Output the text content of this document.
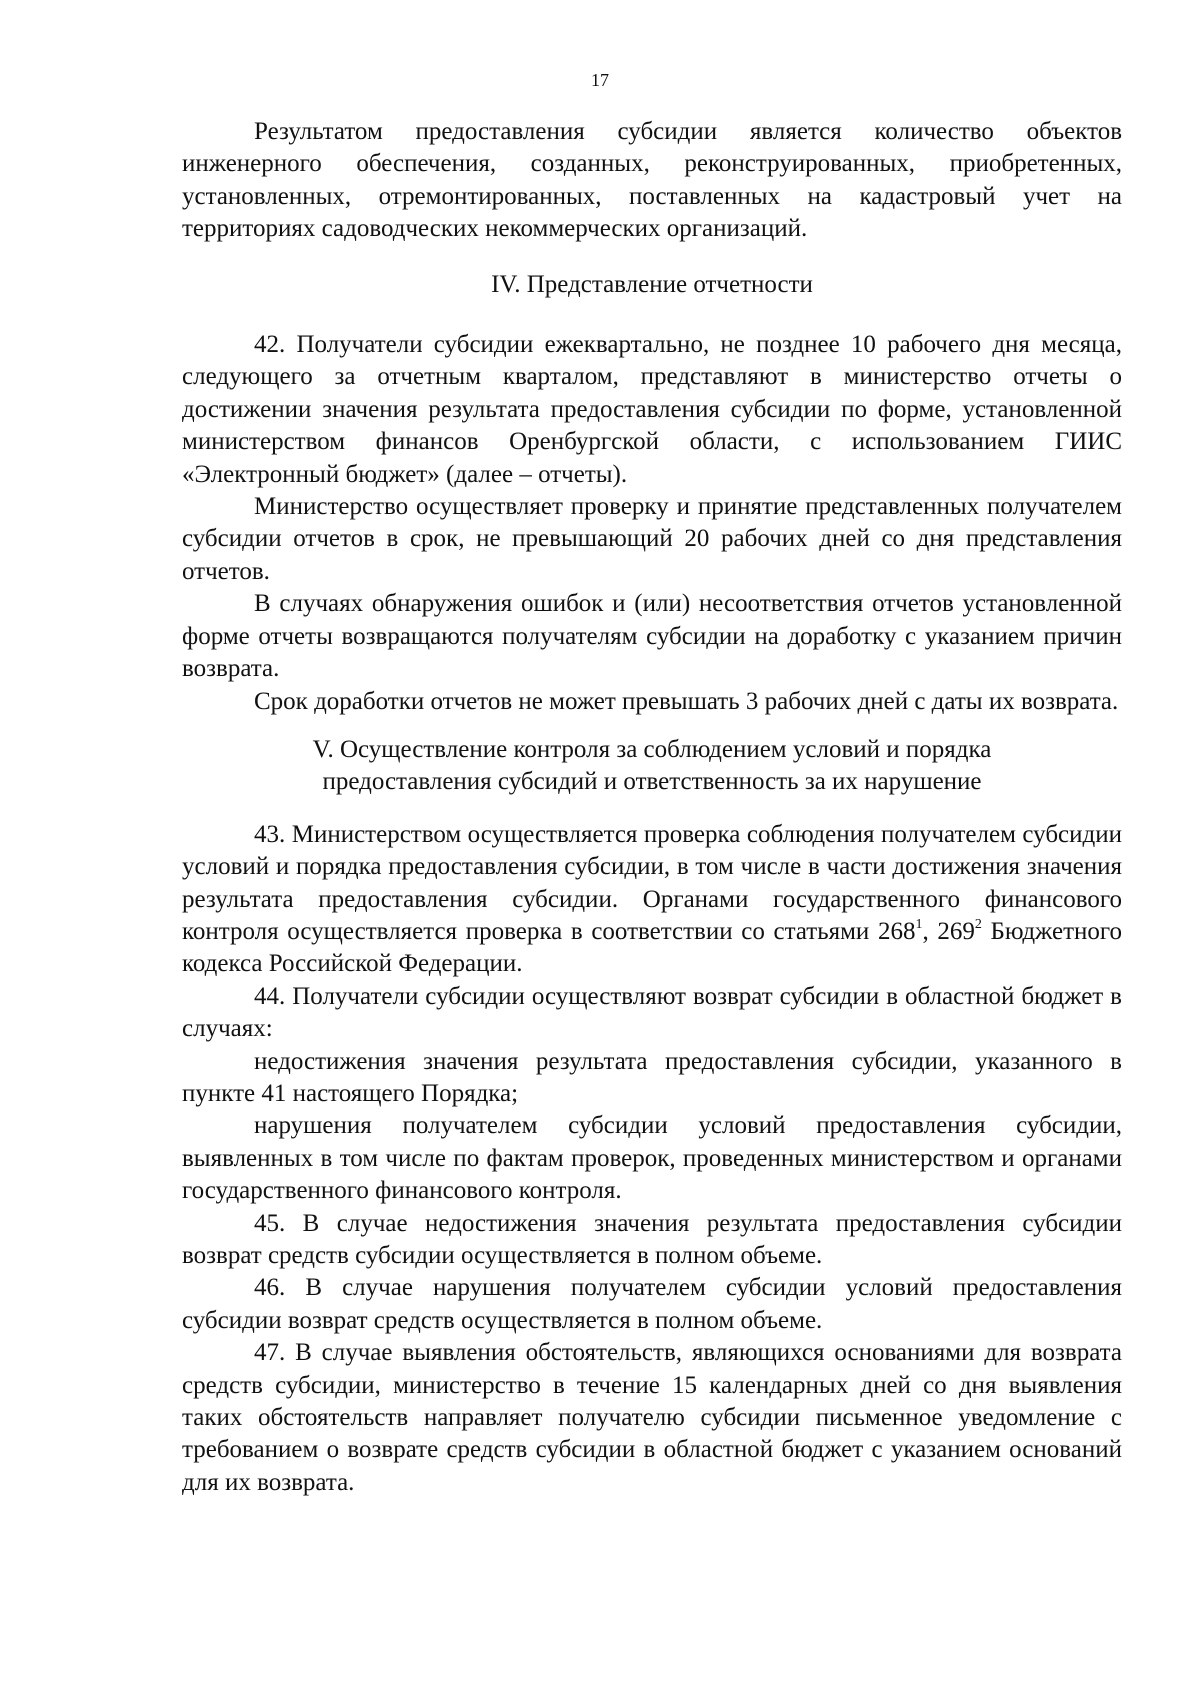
17

Результатом предоставления субсидии является количество объектов инженерного обеспечения, созданных, реконструированных, приобретенных, установленных, отремонтированных, поставленных на кадастровый учет на территориях садоводческих некоммерческих организаций.

IV. Представление отчетности

42. Получатели субсидии ежеквартально, не позднее 10 рабочего дня месяца, следующего за отчетным кварталом, представляют в министерство отчеты о достижении значения результата предоставления субсидии по форме, установленной министерством финансов Оренбургской области, с использованием ГИИС «Электронный бюджет» (далее – отчеты).

Министерство осуществляет проверку и принятие представленных получателем субсидии отчетов в срок, не превышающий 20 рабочих дней со дня представления отчетов.

В случаях обнаружения ошибок и (или) несоответствия отчетов установленной форме отчеты возвращаются получателям субсидии на доработку с указанием причин возврата.

Срок доработки отчетов не может превышать 3 рабочих дней с даты их возврата.

V. Осуществление контроля за соблюдением условий и порядка
предоставления субсидий и ответственность за их нарушение

43. Министерством осуществляется проверка соблюдения получателем субсидии условий и порядка предоставления субсидии, в том числе в части достижения значения результата предоставления субсидии. Органами государственного финансового контроля осуществляется проверка в соответствии со статьями $268^1$, $269^2$ Бюджетного кодекса Российской Федерации.

44. Получатели субсидии осуществляют возврат субсидии в областной бюджет в случаях:

недостижения значения результата предоставления субсидии, указанного в пункте 41 настоящего Порядка;

нарушения получателем субсидии условий предоставления субсидии, выявленных в том числе по фактам проверок, проведенных министерством и органами государственного финансового контроля.

45. В случае недостижения значения результата предоставления субсидии возврат средств субсидии осуществляется в полном объеме.

46. В случае нарушения получателем субсидии условий предоставления субсидии возврат средств осуществляется в полном объеме.

47. В случае выявления обстоятельств, являющихся основаниями для возврата средств субсидии, министерство в течение 15 календарных дней со дня выявления таких обстоятельств направляет получателю субсидии письменное уведомление с требованием о возврате средств субсидии в областной бюджет с указанием оснований для их возврата.
